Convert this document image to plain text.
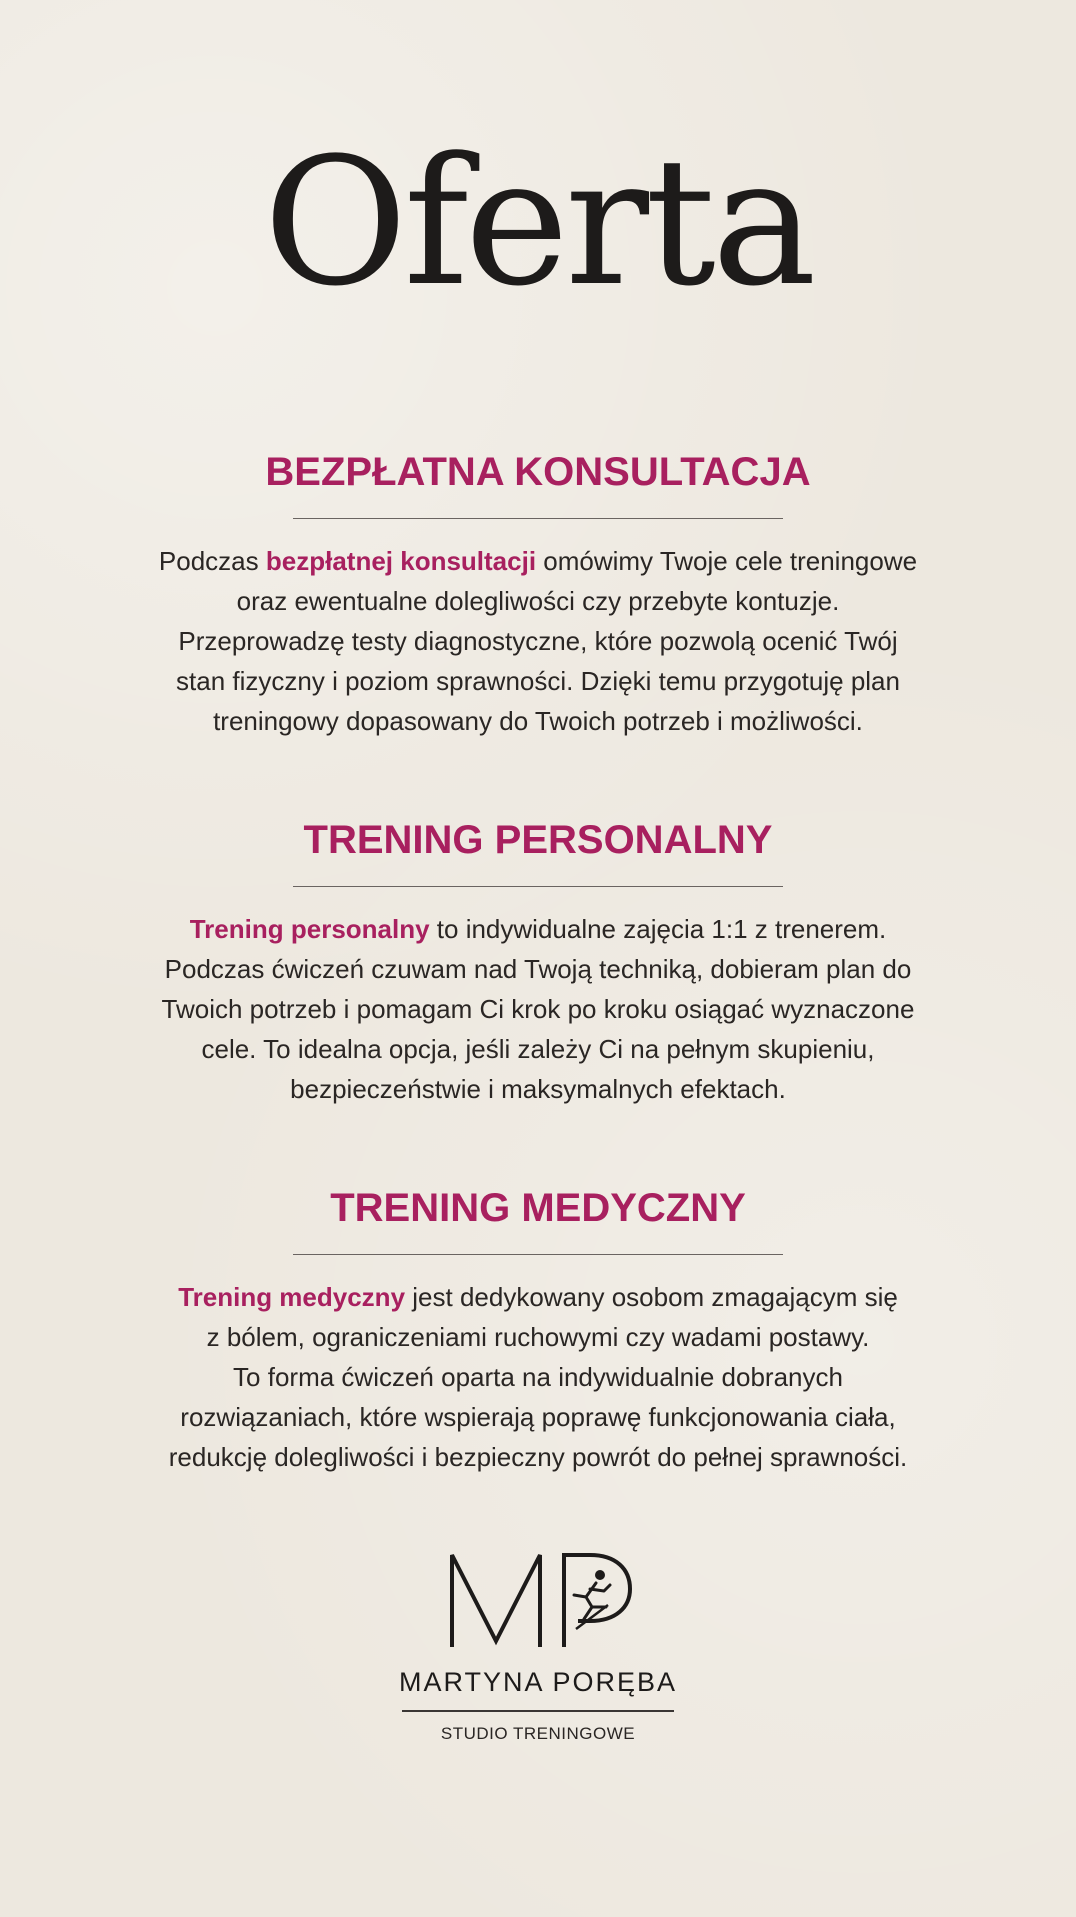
Oferta
BEZPŁATNA KONSULTACJA

Podczas bezpłatnej konsultacji omówimy Twoje cele treningowe
oraz ewentualne dolegliwości czy przebyte kontuzje.
Przeprowadzę testy diagnostyczne, które pozwolą ocenić Twój
stan fizyczny i poziom sprawności. Dzięki temu przygotuję plan
treningowy dopasowany do Twoich potrzeb i możliwości.

TRENING PERSONALNY

Trening personalny to indywidualne zajęcia 1:1 z trenerem.
Podczas ćwiczeń czuwam nad Twoją techniką, dobieram plan do
Twoich potrzeb i pomagam Ci krok po kroku osiągać wyznaczone
cele. To idealna opcja, jeśli zależy Ci na pełnym skupieniu,
bezpieczeństwie i maksymalnych efektach.

TRENING MEDYCZNY

Trening medyczny jest dedykowany osobom zmagającym się
z bólem, ograniczeniami ruchowymi czy wadami postawy.
To forma ćwiczeń oparta na indywidualnie dobranych
rozwiązaniach, które wspierają poprawę funkcjonowania ciała,
redukcję dolegliwości i bezpieczny powrót do pełnej sprawności.

MARTYNA PORĘBA
STUDIO TRENINGOWE
